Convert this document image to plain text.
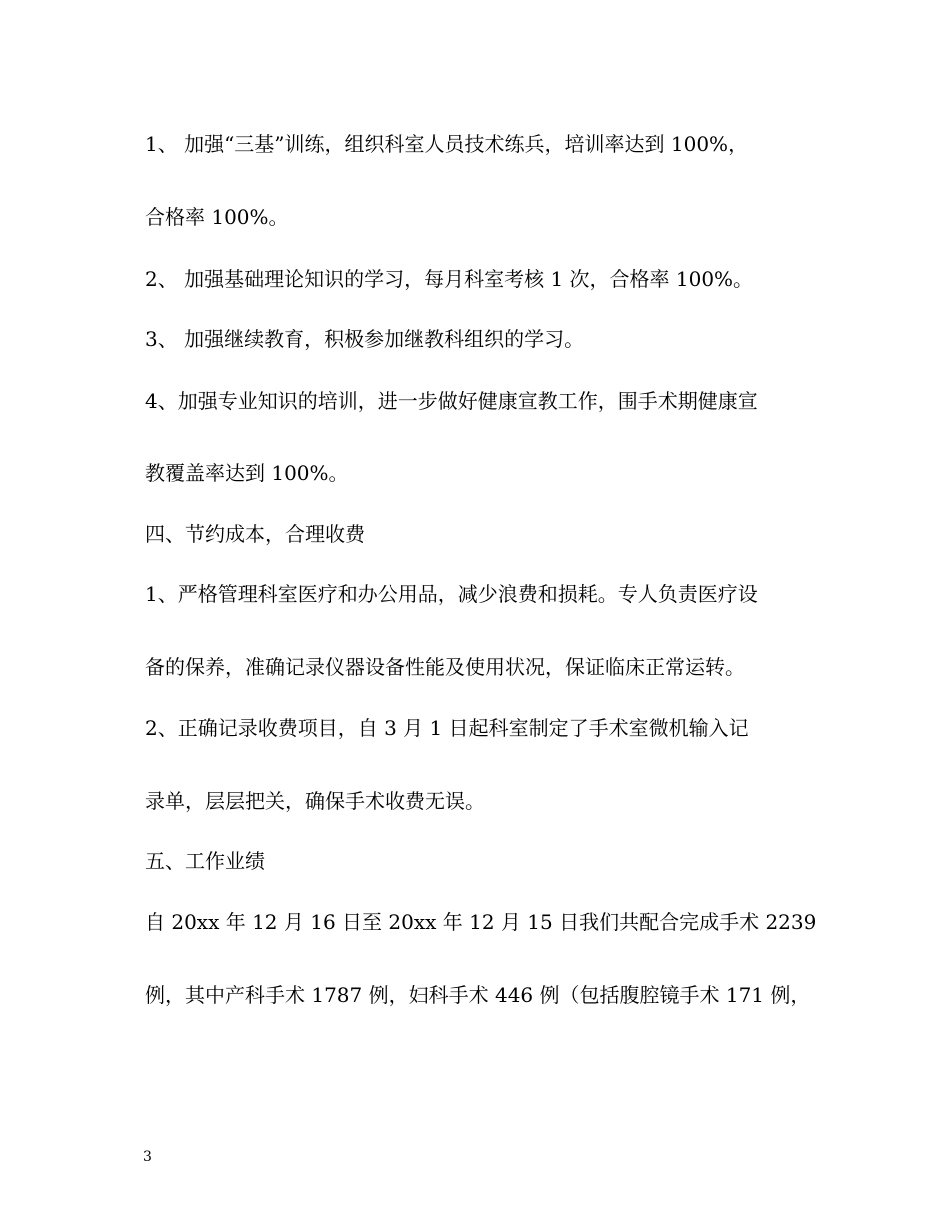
1、 加强“三基”训练，组织科室人员技术练兵，培训率达到 100%，

合格率 100%。

2、 加强基础理论知识的学习，每月科室考核 1 次，合格率 100%。

3、 加强继续教育，积极参加继教科组织的学习。

4、加强专业知识的培训，进一步做好健康宣教工作，围手术期健康宣

教覆盖率达到 100%。

四、节约成本，合理收费

1、严格管理科室医疗和办公用品，减少浪费和损耗。专人负责医疗设

备的保养，准确记录仪器设备性能及使用状况，保证临床正常运转。

2、正确记录收费项目，自 3 月 1 日起科室制定了手术室微机输入记

录单，层层把关，确保手术收费无误。

五、工作业绩

自 20xx 年 12 月 16 日至 20xx 年 12 月 15 日我们共配合完成手术 2239

例，其中产科手术 1787 例，妇科手术 446 例（包括腹腔镜手术 171 例，

3
